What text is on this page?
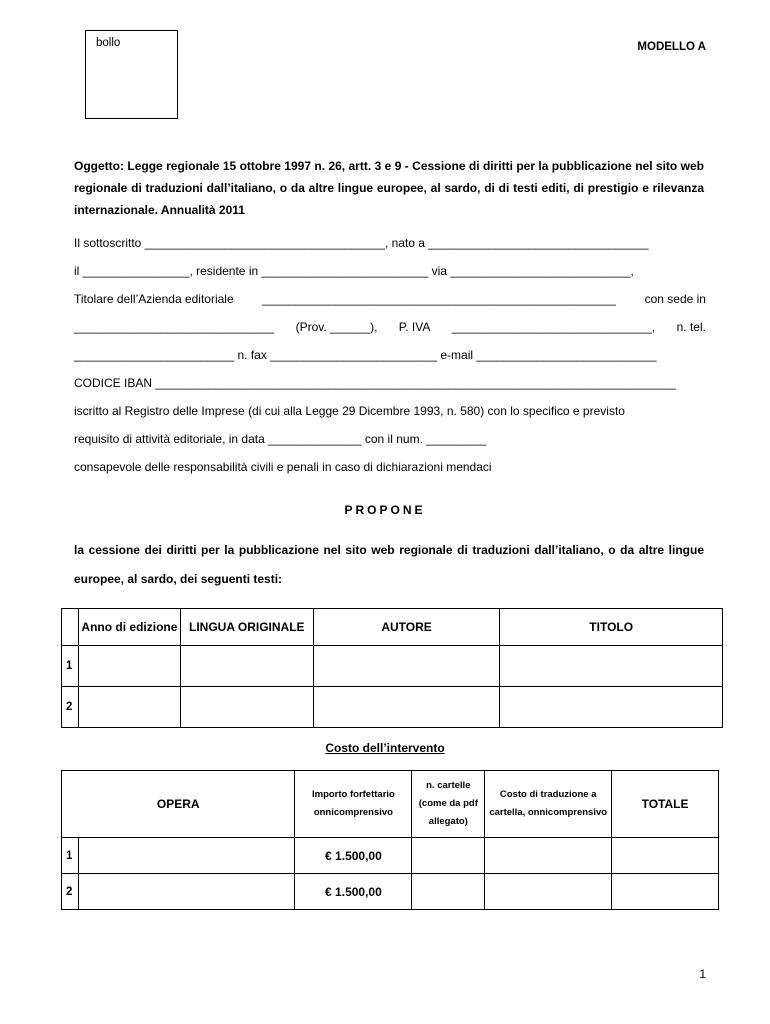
bollo	MODELLO A
Oggetto: Legge regionale 15 ottobre 1997 n. 26, artt. 3 e 9 - Cessione di diritti per la pubblicazione nel sito web regionale di traduzioni dall’italiano, o da altre lingue europee, al sardo, di di testi editi, di prestigio e rilevanza internazionale. Annualità 2011
Il sottoscritto ____________________________________, nato a _________________________________
il ________________, residente in _________________________ via ___________________________,
Titolare dell’Azienda editoriale _____________________________________________________ con sede in
______________________________ (Prov. ______), P. IVA ______________________________, n. tel.
________________________ n. fax _________________________ e-mail ___________________________
CODICE IBAN ______________________________________________________________________________
iscritto al Registro delle Imprese (di cui alla Legge 29 Dicembre 1993, n. 580) con lo specifico e previsto
requisito di attività editoriale, in data ______________ con il num. _________
consapevole delle responsabilità civili e penali in caso di dichiarazioni mendaci
PROPONE
la cessione dei diritti per la pubblicazione nel sito web regionale di traduzioni dall’italiano, o da altre lingue europee, al sardo, dei seguenti testi:
	Anno di edizione	LINGUA ORIGINALE	AUTORE	TITOLO
1				
2				
Costo dell’intervento
OPERA		Importo forfettario onnicomprensivo	n. cartelle (come da pdf allegato)	Costo di traduzione a cartella, onnicomprensivo	TOTALE
1		€ 1.500,00			
2		€ 1.500,00			
1
